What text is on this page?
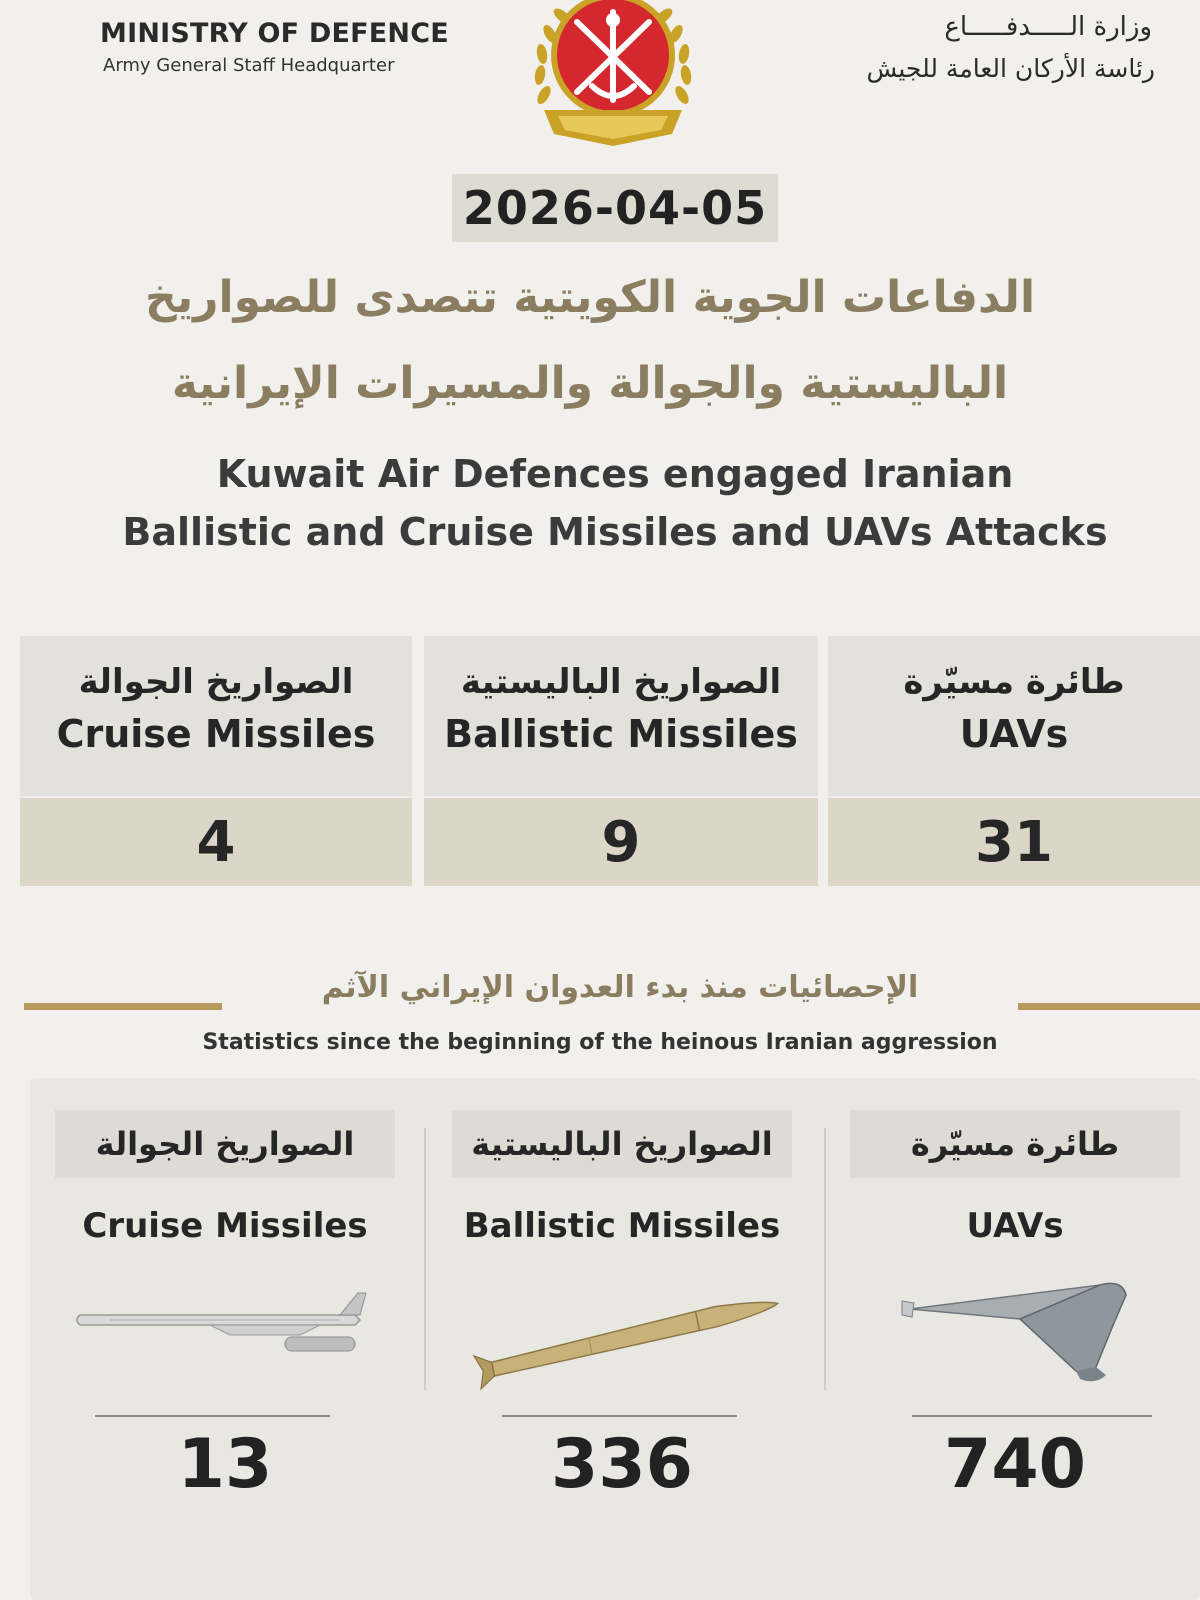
MINISTRY OF DEFENCE
Army General Staff Headquarter
وزارة الـــــدفـــــاع
رئاسة الأركان العامة للجيش
2026-04-05
الدفاعات الجوية الكويتية تتصدى للصواريخ
الباليستية والجوالة والمسيرات الإيرانية
Kuwait Air Defences engaged Iranian
Ballistic and Cruise Missiles and UAVs Attacks
الصواريخ الجوالة
Cruise Missiles
4
الصواريخ الباليستية
Ballistic Missiles
9
طائرة مسيّرة
UAVs
31
الإحصائيات منذ بدء العدوان الإيراني الآثم
Statistics since the beginning of the heinous Iranian aggression
الصواريخ الجوالة
Cruise Missiles
13
الصواريخ الباليستية
Ballistic Missiles
336
طائرة مسيّرة
UAVs
740
